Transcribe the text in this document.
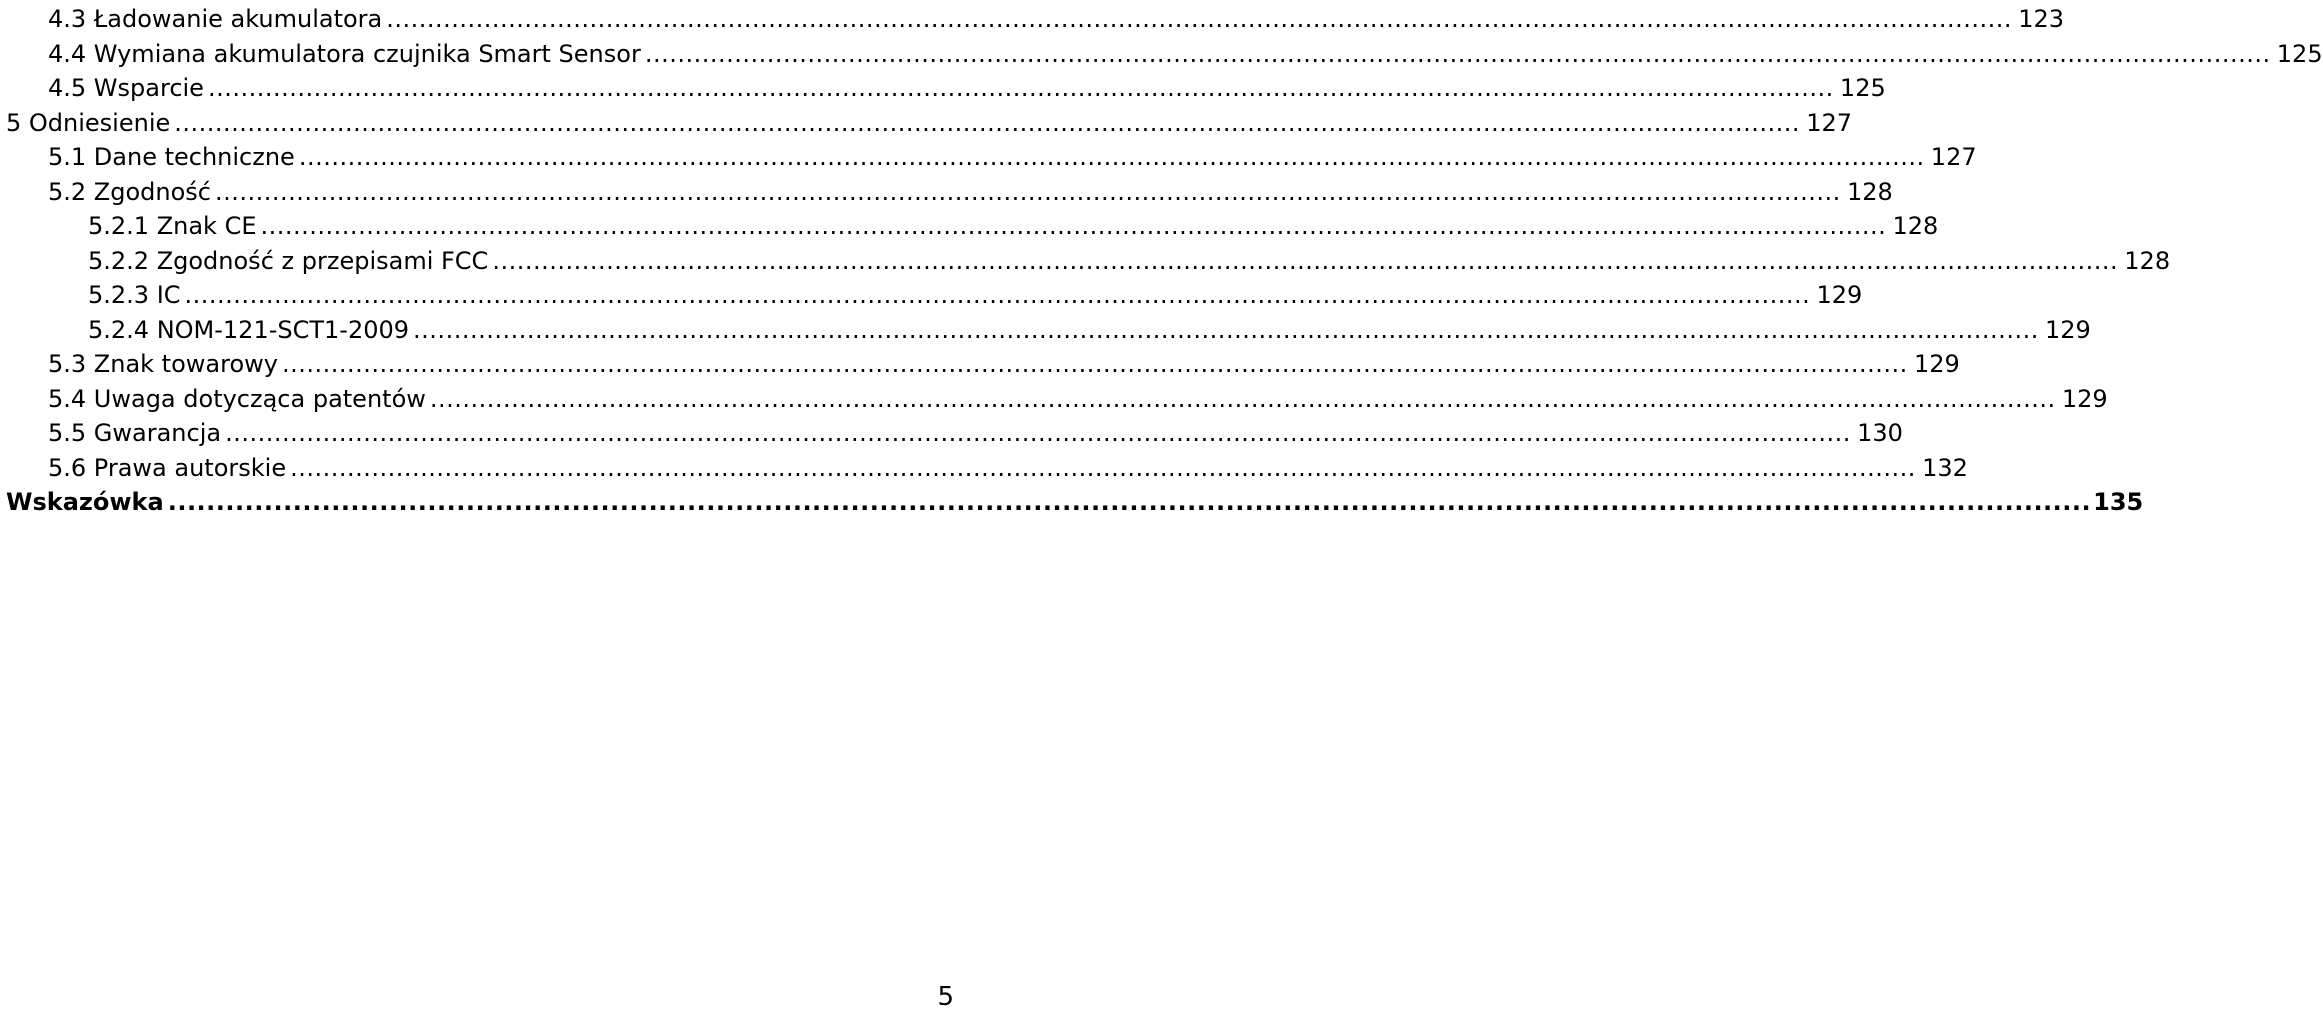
4.3 Ładowanie akumulatora ........................................................................................................................................................................................................ 123
4.4 Wymiana akumulatora czujnika Smart Sensor ........................................................................................................................................................................................................ 125
4.5 Wsparcie ........................................................................................................................................................................................................ 125
5 Odniesienie ........................................................................................................................................................................................................ 127
5.1 Dane techniczne ........................................................................................................................................................................................................ 127
5.2 Zgodność ........................................................................................................................................................................................................ 128
5.2.1 Znak CE ........................................................................................................................................................................................................ 128
5.2.2 Zgodność z przepisami FCC ........................................................................................................................................................................................................ 128
5.2.3 IC ........................................................................................................................................................................................................ 129
5.2.4 NOM-121-SCT1-2009 ........................................................................................................................................................................................................ 129
5.3 Znak towarowy ........................................................................................................................................................................................................ 129
5.4 Uwaga dotycząca patentów ........................................................................................................................................................................................................ 129
5.5 Gwarancja ........................................................................................................................................................................................................ 130
5.6 Prawa autorskie ........................................................................................................................................................................................................ 132
Wskazówka ........................................................................................................................................................................................................ 135
5
